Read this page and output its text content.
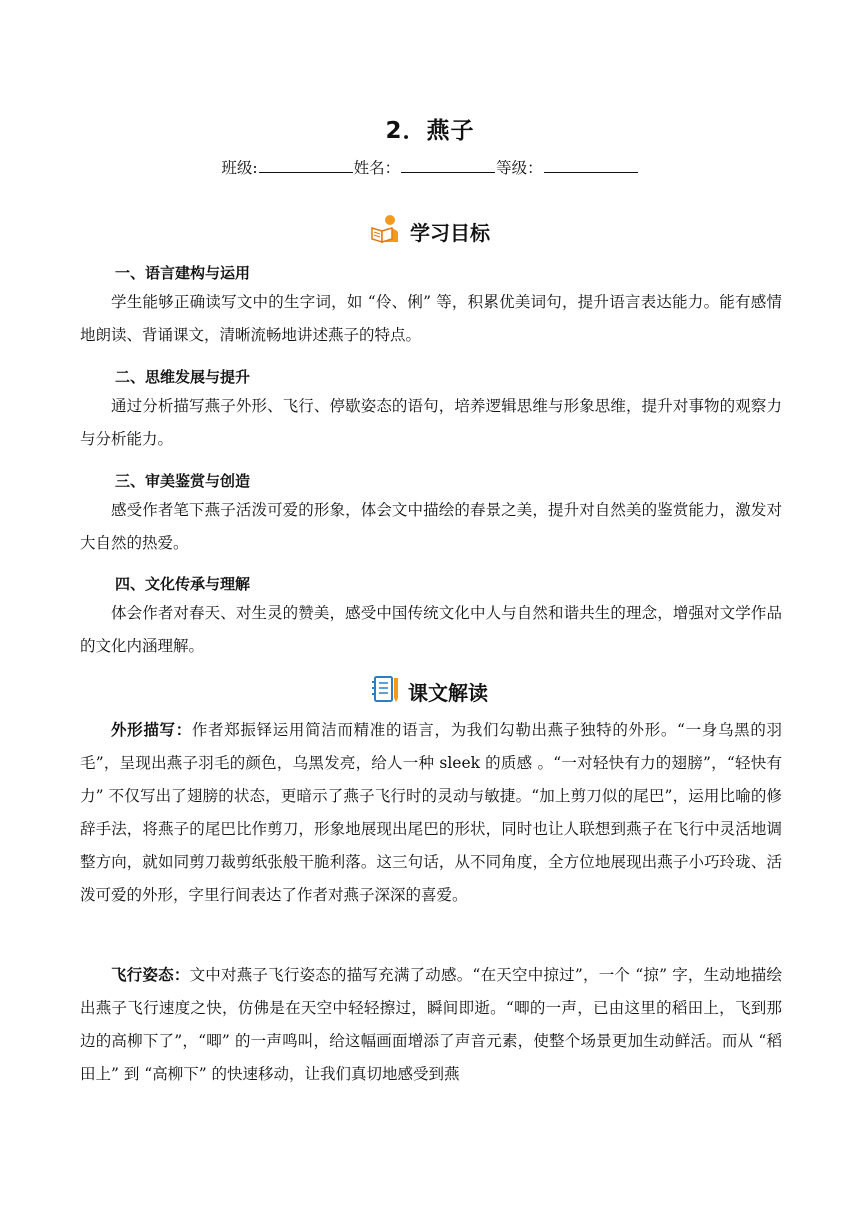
2．燕子
班级:	姓名：	等级：
学习目标
一、语言建构与运用

学生能够正确读写文中的生字词，如 “伶、俐” 等，积累优美词句，提升语言表达能力。能有感情地朗读、背诵课文，清晰流畅地讲述燕子的特点。

二、思维发展与提升

通过分析描写燕子外形、飞行、停歇姿态的语句，培养逻辑思维与形象思维，提升对事物的观察力与分析能力。

三、审美鉴赏与创造

感受作者笔下燕子活泼可爱的形象，体会文中描绘的春景之美，提升对自然美的鉴赏能力，激发对大自然的热爱。

四、文化传承与理解

体会作者对春天、对生灵的赞美，感受中国传统文化中人与自然和谐共生的理念，增强对文学作品的文化内涵理解。

课文解读

外形描写：作者郑振铎运用简洁而精准的语言，为我们勾勒出燕子独特的外形。“一身乌黑的羽毛”，呈现出燕子羽毛的颜色，乌黑发亮，给人一种 sleek 的质感 。“一对轻快有力的翅膀”，“轻快有力” 不仅写出了翅膀的状态，更暗示了燕子飞行时的灵动与敏捷。“加上剪刀似的尾巴”，运用比喻的修辞手法，将燕子的尾巴比作剪刀，形象地展现出尾巴的形状，同时也让人联想到燕子在飞行中灵活地调整方向，就如同剪刀裁剪纸张般干脆利落。这三句话，从不同角度，全方位地展现出燕子小巧玲珑、活泼可爱的外形，字里行间表达了作者对燕子深深的喜爱。

飞行姿态：文中对燕子飞行姿态的描写充满了动感。“在天空中掠过”，一个 “掠” 字，生动地描绘出燕子飞行速度之快，仿佛是在天空中轻轻擦过，瞬间即逝。“唧的一声，已由这里的稻田上，飞到那边的高柳下了”，“唧” 的一声鸣叫，给这幅画面增添了声音元素，使整个场景更加生动鲜活。而从 “稻田上” 到 “高柳下” 的快速移动，让我们真切地感受到燕
